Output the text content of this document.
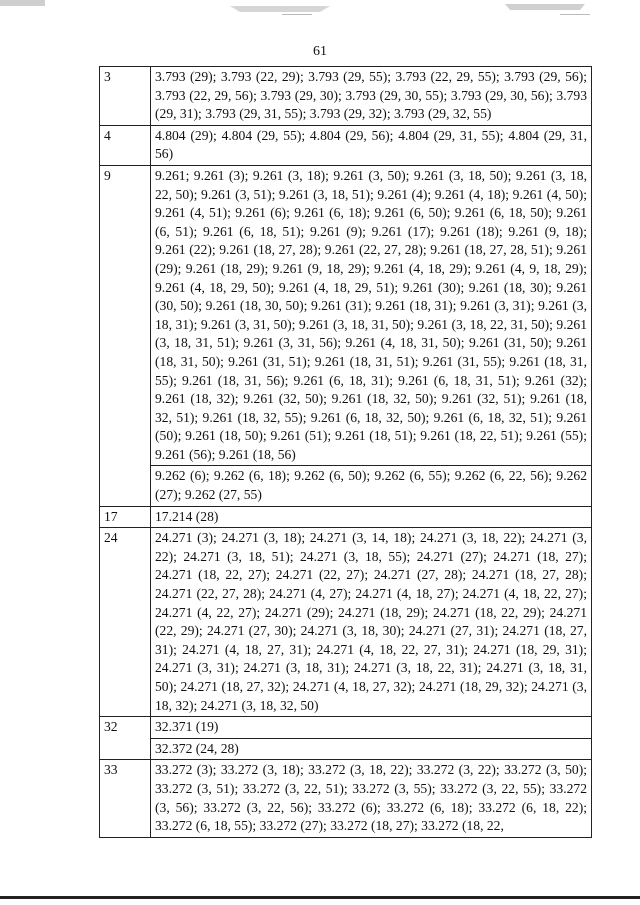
61
3	3.793 (29); 3.793 (22, 29); 3.793 (29, 55); 3.793 (22, 29, 55); 3.793 (29, 56); 3.793 (22, 29, 56); 3.793 (29, 30); 3.793 (29, 30, 55); 3.793 (29, 30, 56); 3.793 (29, 31); 3.793 (29, 31, 55); 3.793 (29, 32); 3.793 (29, 32, 55)
4	4.804 (29); 4.804 (29, 55); 4.804 (29, 56); 4.804 (29, 31, 55); 4.804 (29, 31, 56)
9	9.261; 9.261 (3); 9.261 (3, 18); 9.261 (3, 50); 9.261 (3, 18, 50); 9.261 (3, 18, 22, 50); 9.261 (3, 51); 9.261 (3, 18, 51); 9.261 (4); 9.261 (4, 18); 9.261 (4, 50); 9.261 (4, 51); 9.261 (6); 9.261 (6, 18); 9.261 (6, 50); 9.261 (6, 18, 50); 9.261 (6, 51); 9.261 (6, 18, 51); 9.261 (9); 9.261 (17); 9.261 (18); 9.261 (9, 18); 9.261 (22); 9.261 (18, 27, 28); 9.261 (22, 27, 28); 9.261 (18, 27, 28, 51); 9.261 (29); 9.261 (18, 29); 9.261 (9, 18, 29); 9.261 (4, 18, 29); 9.261 (4, 9, 18, 29); 9.261 (4, 18, 29, 50); 9.261 (4, 18, 29, 51); 9.261 (30); 9.261 (18, 30); 9.261 (30, 50); 9.261 (18, 30, 50); 9.261 (31); 9.261 (18, 31); 9.261 (3, 31); 9.261 (3, 18, 31); 9.261 (3, 31, 50); 9.261 (3, 18, 31, 50); 9.261 (3, 18, 22, 31, 50); 9.261 (3, 18, 31, 51); 9.261 (3, 31, 56); 9.261 (4, 18, 31, 50); 9.261 (31, 50); 9.261 (18, 31, 50); 9.261 (31, 51); 9.261 (18, 31, 51); 9.261 (31, 55); 9.261 (18, 31, 55); 9.261 (18, 31, 56); 9.261 (6, 18, 31); 9.261 (6, 18, 31, 51); 9.261 (32); 9.261 (18, 32); 9.261 (32, 50); 9.261 (18, 32, 50); 9.261 (32, 51); 9.261 (18, 32, 51); 9.261 (18, 32, 55); 9.261 (6, 18, 32, 50); 9.261 (6, 18, 32, 51); 9.261 (50); 9.261 (18, 50); 9.261 (51); 9.261 (18, 51); 9.261 (18, 22, 51); 9.261 (55); 9.261 (56); 9.261 (18, 56)
	9.262 (6); 9.262 (6, 18); 9.262 (6, 50); 9.262 (6, 55); 9.262 (6, 22, 56); 9.262 (27); 9.262 (27, 55)
17	17.214 (28)
24	24.271 (3); 24.271 (3, 18); 24.271 (3, 14, 18); 24.271 (3, 18, 22); 24.271 (3, 22); 24.271 (3, 18, 51); 24.271 (3, 18, 55); 24.271 (27); 24.271 (18, 27); 24.271 (18, 22, 27); 24.271 (22, 27); 24.271 (27, 28); 24.271 (18, 27, 28); 24.271 (22, 27, 28); 24.271 (4, 27); 24.271 (4, 18, 27); 24.271 (4, 18, 22, 27); 24.271 (4, 22, 27); 24.271 (29); 24.271 (18, 29); 24.271 (18, 22, 29); 24.271 (22, 29); 24.271 (27, 30); 24.271 (3, 18, 30); 24.271 (27, 31); 24.271 (18, 27, 31); 24.271 (4, 18, 27, 31); 24.271 (4, 18, 22, 27, 31); 24.271 (18, 29, 31); 24.271 (3, 31); 24.271 (3, 18, 31); 24.271 (3, 18, 22, 31); 24.271 (3, 18, 31, 50); 24.271 (18, 27, 32); 24.271 (4, 18, 27, 32); 24.271 (18, 29, 32); 24.271 (3, 18, 32); 24.271 (3, 18, 32, 50)
32	32.371 (19)
	32.372 (24, 28)
33	33.272 (3); 33.272 (3, 18); 33.272 (3, 18, 22); 33.272 (3, 22); 33.272 (3, 50); 33.272 (3, 51); 33.272 (3, 22, 51); 33.272 (3, 55); 33.272 (3, 22, 55); 33.272 (3, 56); 33.272 (3, 22, 56); 33.272 (6); 33.272 (6, 18); 33.272 (6, 18, 22); 33.272 (6, 18, 55); 33.272 (27); 33.272 (18, 27); 33.272 (18, 22,
